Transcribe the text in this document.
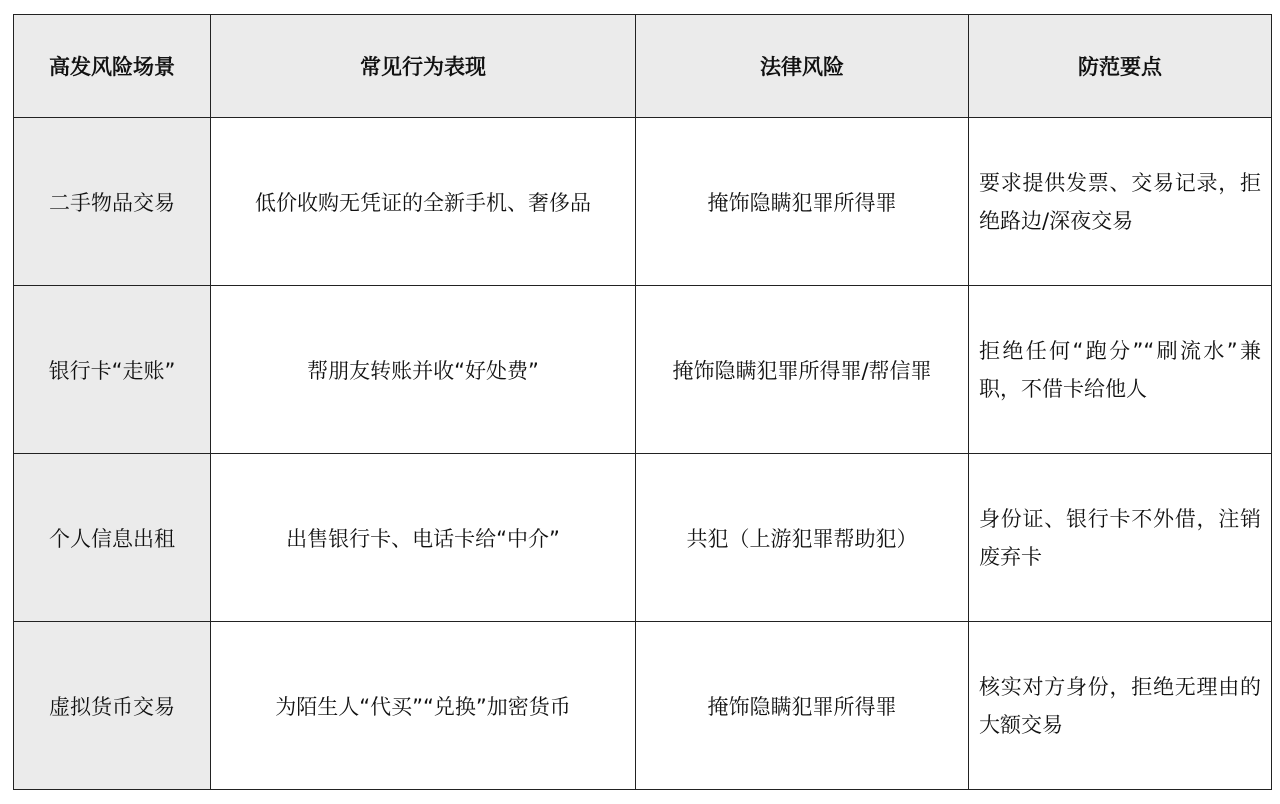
高发风险场景	常见行为表现	法律风险	防范要点
二手物品交易	低价收购无凭证的全新手机、奢侈品	掩饰隐瞒犯罪所得罪	要求提供发票、交易记录，拒绝路边/深夜交易

银行卡“走账”	帮朋友转账并收“好处费”	掩饰隐瞒犯罪所得罪/帮信罪	拒绝任何“跑分”“刷流水”兼职，不借卡给他人

个人信息出租	出售银行卡、电话卡给“中介”	共犯（上游犯罪帮助犯）	身份证、银行卡不外借，注销废弃卡

虚拟货币交易	为陌生人“代买”“兑换”加密货币	掩饰隐瞒犯罪所得罪	核实对方身份，拒绝无理由的大额交易
